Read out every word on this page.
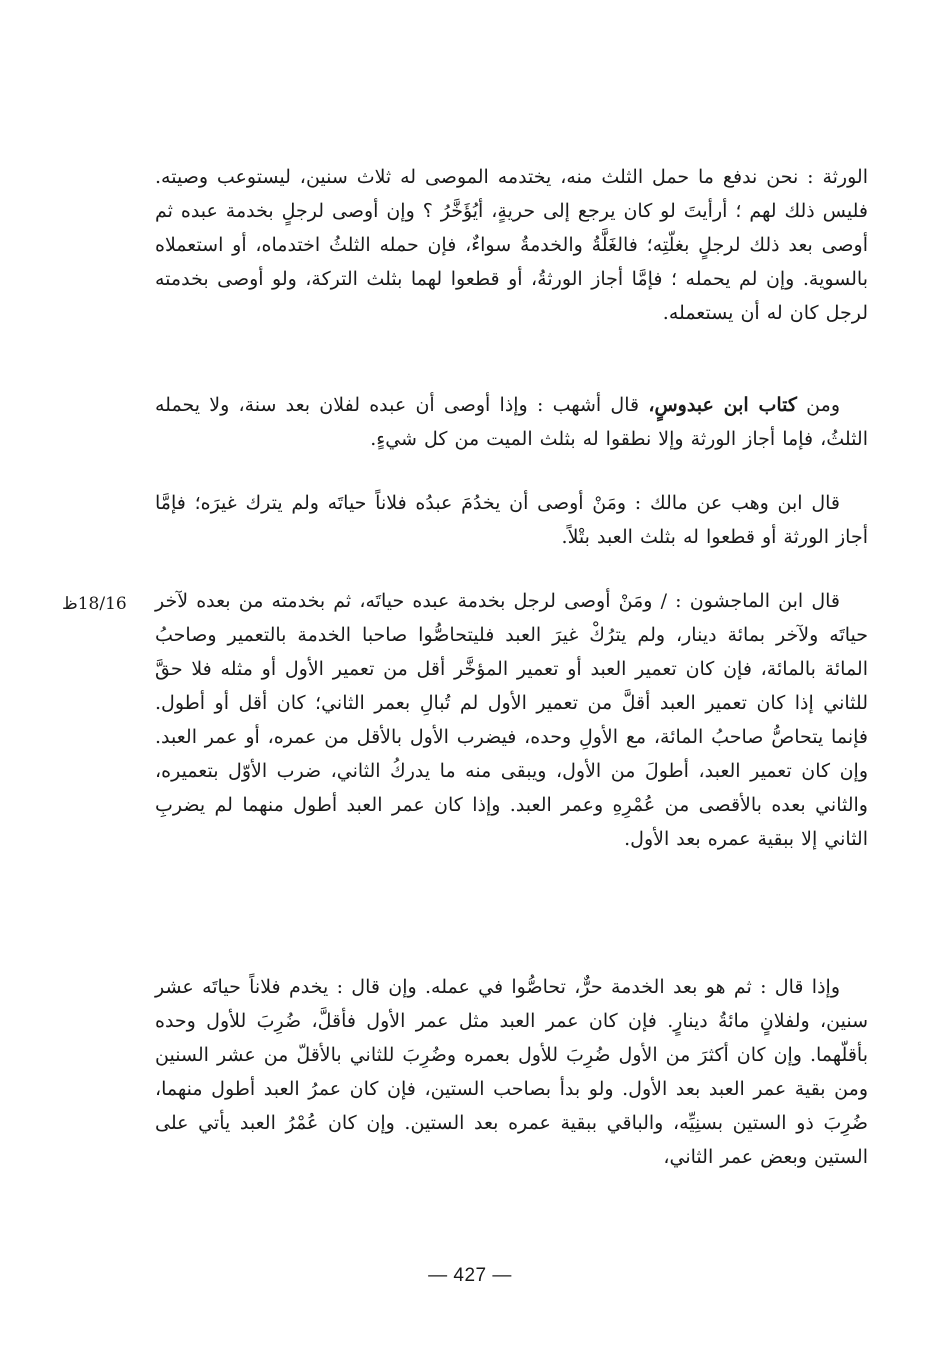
الورثة : نحن ندفع ما حمل الثلث منه، يختدمه الموصى له ثلاث سنين، ليستوعب وصيته. فليس ذلك لهم ؛ أرأيتَ لو كان يرجع إلى حريةٍ، أيُؤَخَّرُ ؟ وإن أوصى لرجلٍ بخدمة عبده ثم أوصى بعد ذلك لرجلٍ بغلّتِه؛ فالغَلَّةُ والخدمةُ سواءٌ، فإن حمله الثلثُ اختدماه، أو استعملاه بالسوية. وإن لم يحمله ؛ فإمَّا أجاز الورثةُ، أو قطعوا لهما بثلث التركة، ولو أوصى بخدمته لرجل كان له أن يستعمله.

ومن كتاب ابن عبدوسٍ، قال أشهب : وإذا أوصى أن عبده لفلان بعد سنة، ولا يحمله الثلثُ، فإما أجاز الورثة وإلا نطقوا له بثلث الميت من كل شيءٍ.

قال ابن وهب عن مالك : ومَنْ أوصى أن يخدُمَ عبدُه فلاناً حياتَه ولم يترك غيرَه؛ فإمَّا أجاز الورثة أو قطعوا له بثلث العبد بتْلاً.

قال ابن الماجشون : / ومَنْ أوصى لرجل بخدمة عبده حياتَه، ثم بخدمته من بعده لآخر حياتَه ولآخر بمائة دينار، ولم يترُكْ غيرَ العبد فليتحاصُّوا صاحبا الخدمة بالتعمير وصاحبُ المائة بالمائة، فإن كان تعمير العبد أو تعمير المؤخَّر أقل من تعمير الأول أو مثله فلا حقَّ للثاني إذا كان تعمير العبد أقلَّ من تعمير الأول لم تُبالِ بعمر الثاني؛ كان أقل أو أطول. فإنما يتحاصُّ صاحبُ المائة، مع الأولِ وحده، فيضرب الأول بالأقل من عمره، أو عمر العبد. وإن كان تعمير العبد، أطولَ من الأول، ويبقى منه ما يدركُ الثاني، ضرب الأوّل بتعميره، والثاني بعده بالأقصى من عُمْرِهِ وعمر العبد. وإذا كان عمر العبد أطول منهما لم يضربِ الثاني إلا ببقية عمره بعد الأول.

18/16ظ

وإذا قال : ثم هو بعد الخدمة حرٌّ، تحاصُّوا في عمله. وإن قال : يخدم فلاناً حياتَه عشر سنين، ولفلانٍ مائةُ دينارٍ. فإن كان عمر العبد مثل عمر الأول فأقلَّ، ضُرِبَ للأول وحده بأقلّهما. وإن كان أكثرَ من الأول ضُرِبَ للأول بعمره وضُرِبَ للثاني بالأقلّ من عشر السنين ومن بقية عمر العبد بعد الأول. ولو بدأ بصاحب الستين، فإن كان عمرُ العبد أطول منهما، ضُرِبَ ذو الستين بسنِيِّه، والباقي ببقية عمره بعد الستين. وإن كان عُمْرُ العبد يأتي على الستين وبعض عمر الثاني،

— 427 —
